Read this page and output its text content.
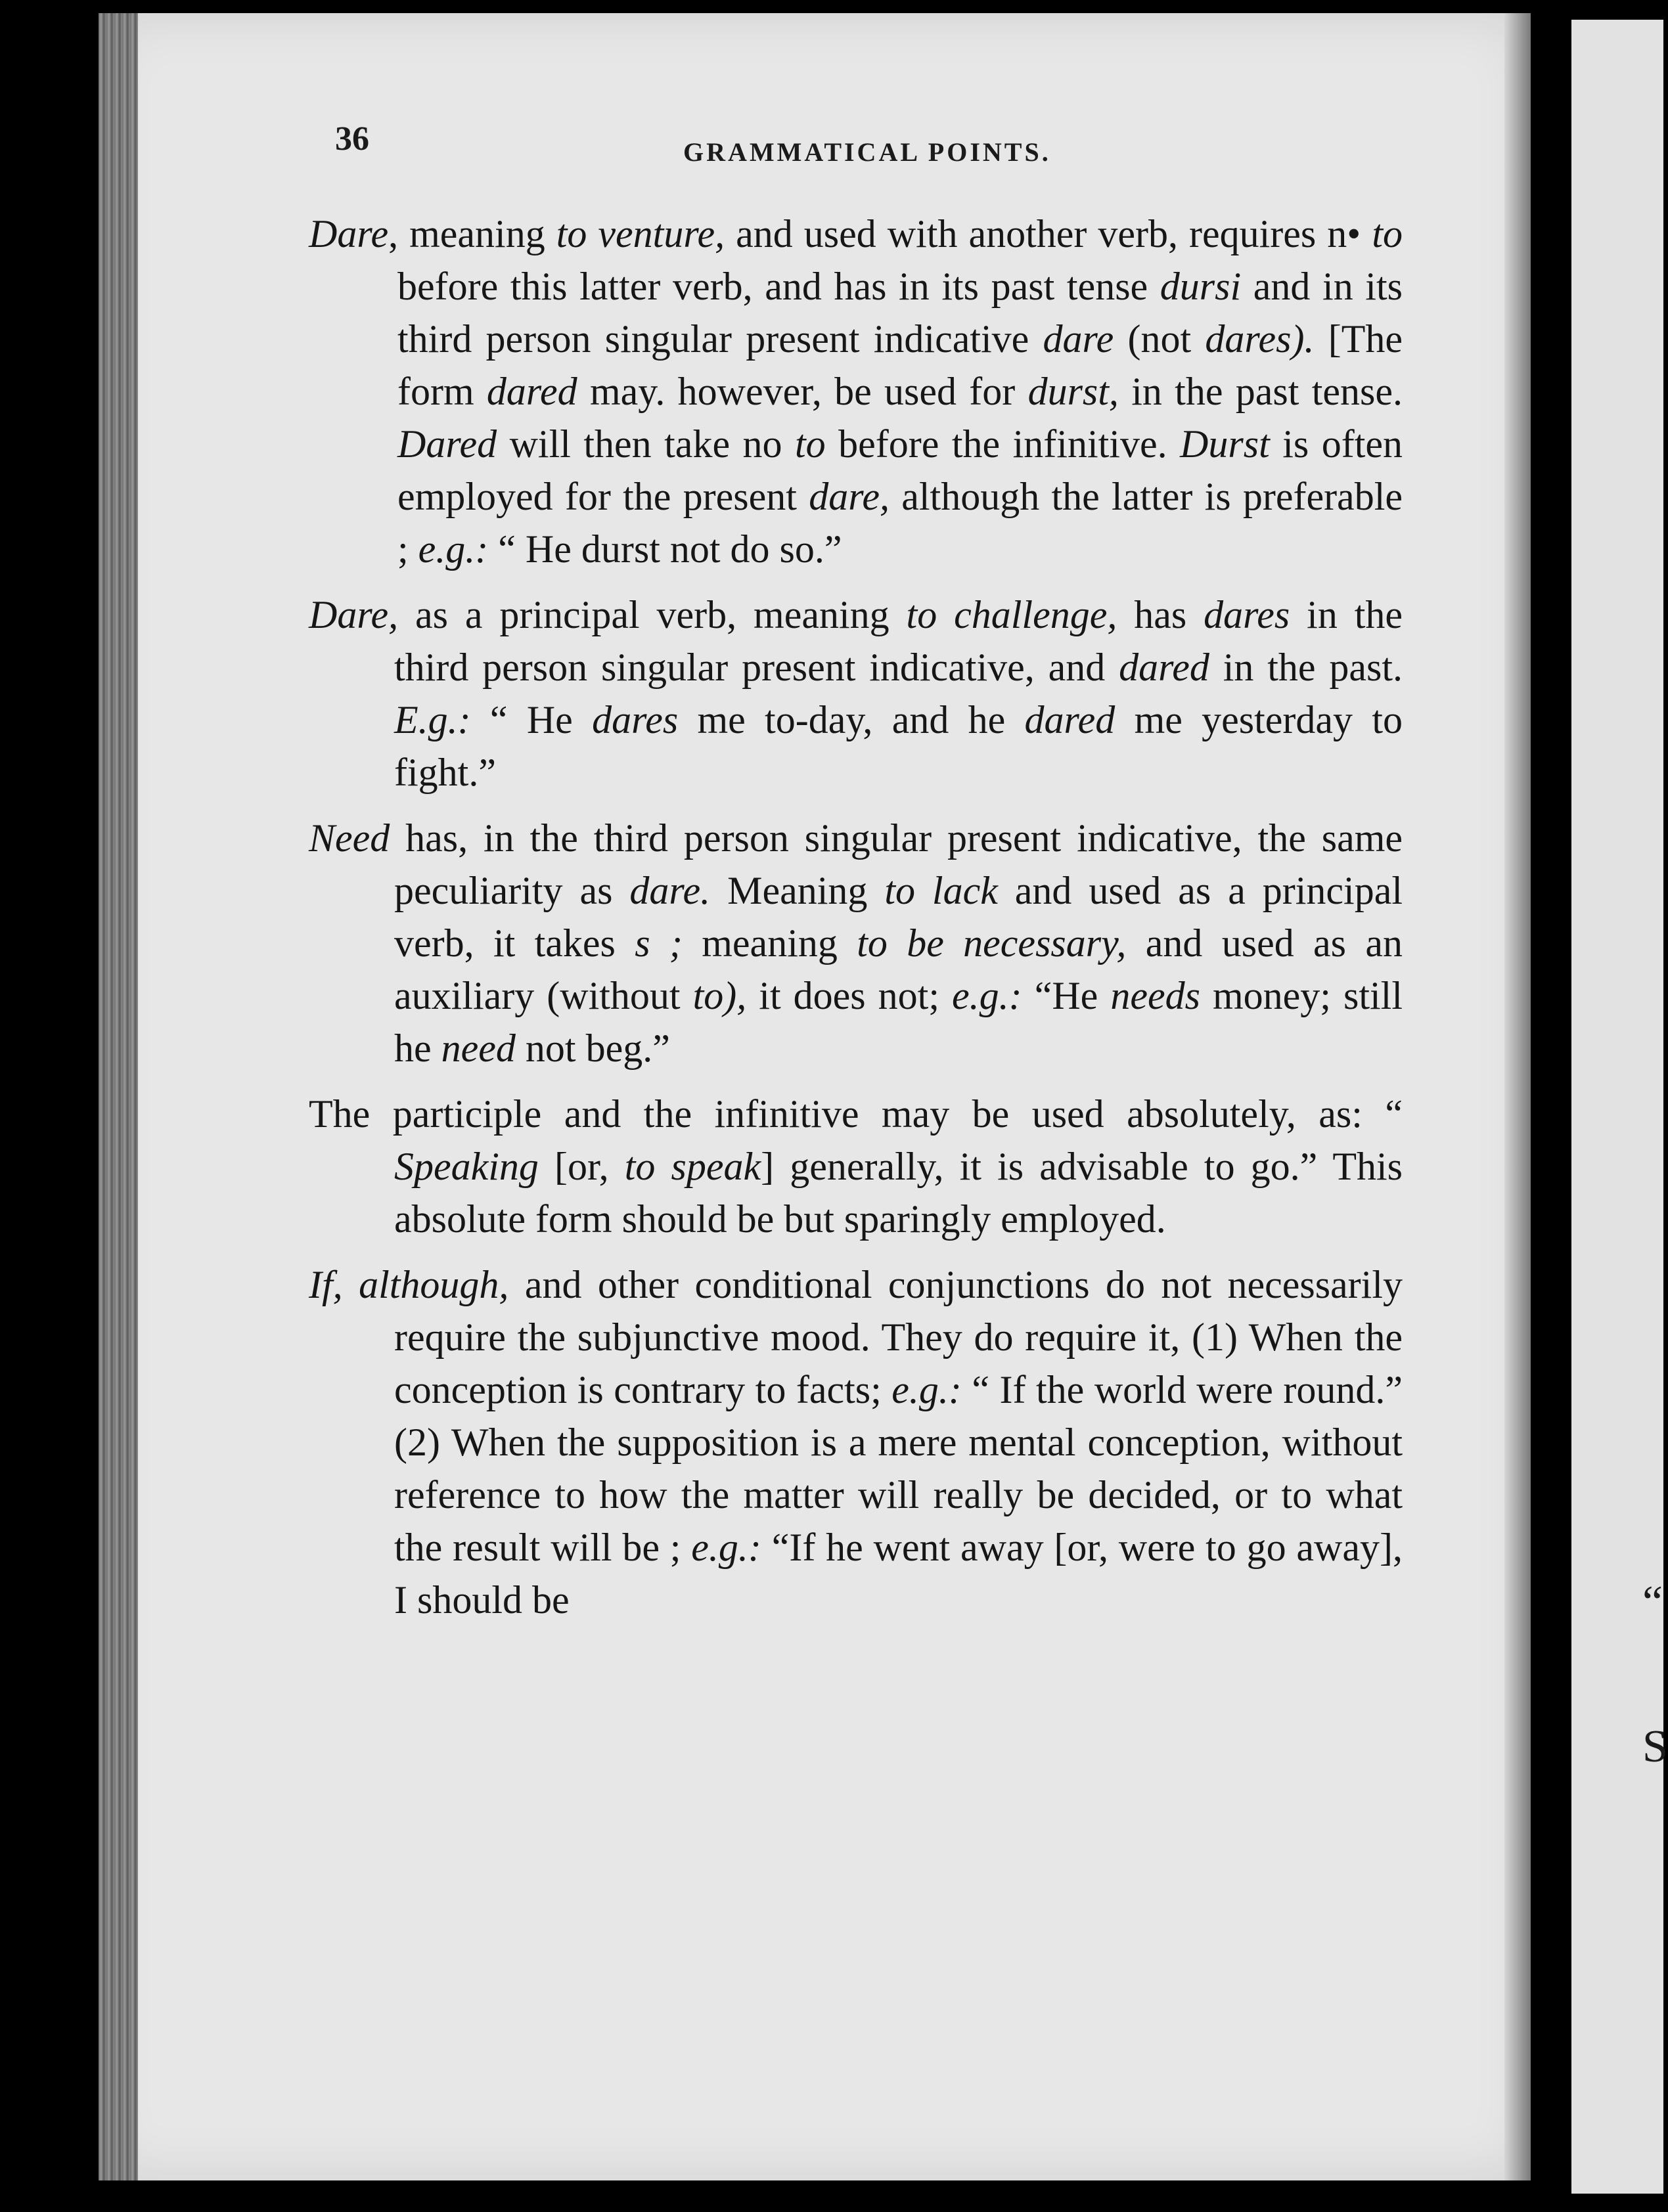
“
S
36	GRAMMATICAL POINTS.

Dare, meaning to venture, and used with another verb, requires n• to before this latter verb, and has in its past tense dursi and in its third person singular present indicative dare (not dares). [The form dared may. however, be used for durst, in the past tense. Dared will then take no to before the infinitive. Durst is often employed for the present dare, although the latter is preferable ; e.g.: “ He durst not do so.”

Dare, as a principal verb, meaning to challenge, has dares in the third person singular present indicative, and dared in the past. E.g.: “ He dares me to-day, and he dared me yesterday to fight.”

Need has, in the third person singular present indicative, the same peculiarity as dare. Meaning to lack and used as a principal verb, it takes s ; meaning to be necessary, and used as an auxiliary (without to), it does not; e.g.: “He needs money; still he need not beg.”

The participle and the infinitive may be used absolutely, as: “ Speaking [or, to speak] generally, it is advisable to go.” This absolute form should be but sparingly employed.

If, although, and other conditional conjunctions do not necessarily require the subjunctive mood. They do require it, (1) When the conception is contrary to facts; e.g.: “ If the world were round.” (2) When the supposition is a mere mental conception, without reference to how the matter will really be decided, or to what the result will be ; e.g.: “If he went away [or, were to go away], I should be
